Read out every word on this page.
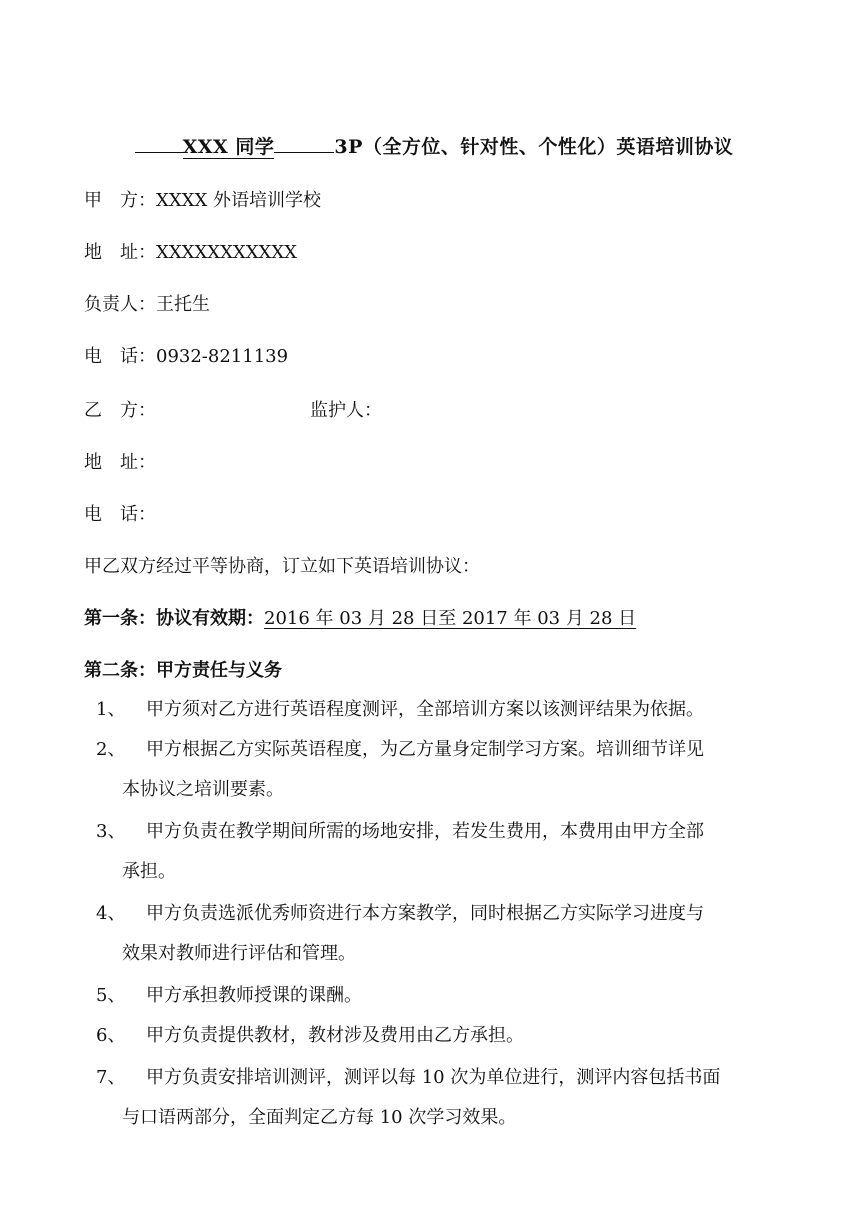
XXX 同学	3P（全方位、针对性、个性化）英语培训协议
甲　方：XXXX 外语培训学校
地　址：XXXXXXXXXXX
负责人：王托生
电　话：0932-8211139
乙　方：	监护人：
地　址：
电　话：
甲乙双方经过平等协商，订立如下英语培训协议：
第一条：协议有效期：2016 年 03 月 28 日至 2017 年 03 月 28 日
第二条：甲方责任与义务
1、 甲方须对乙方进行英语程度测评，全部培训方案以该测评结果为依据。
2、 甲方根据乙方实际英语程度，为乙方量身定制学习方案。培训细节详见
本协议之培训要素。
3、 甲方负责在教学期间所需的场地安排，若发生费用，本费用由甲方全部
承担。
4、 甲方负责选派优秀师资进行本方案教学，同时根据乙方实际学习进度与
效果对教师进行评估和管理。
5、 甲方承担教师授课的课酬。
6、 甲方负责提供教材，教材涉及费用由乙方承担。
7、 甲方负责安排培训测评，测评以每 10 次为单位进行，测评内容包括书面
与口语两部分，全面判定乙方每 10 次学习效果。
